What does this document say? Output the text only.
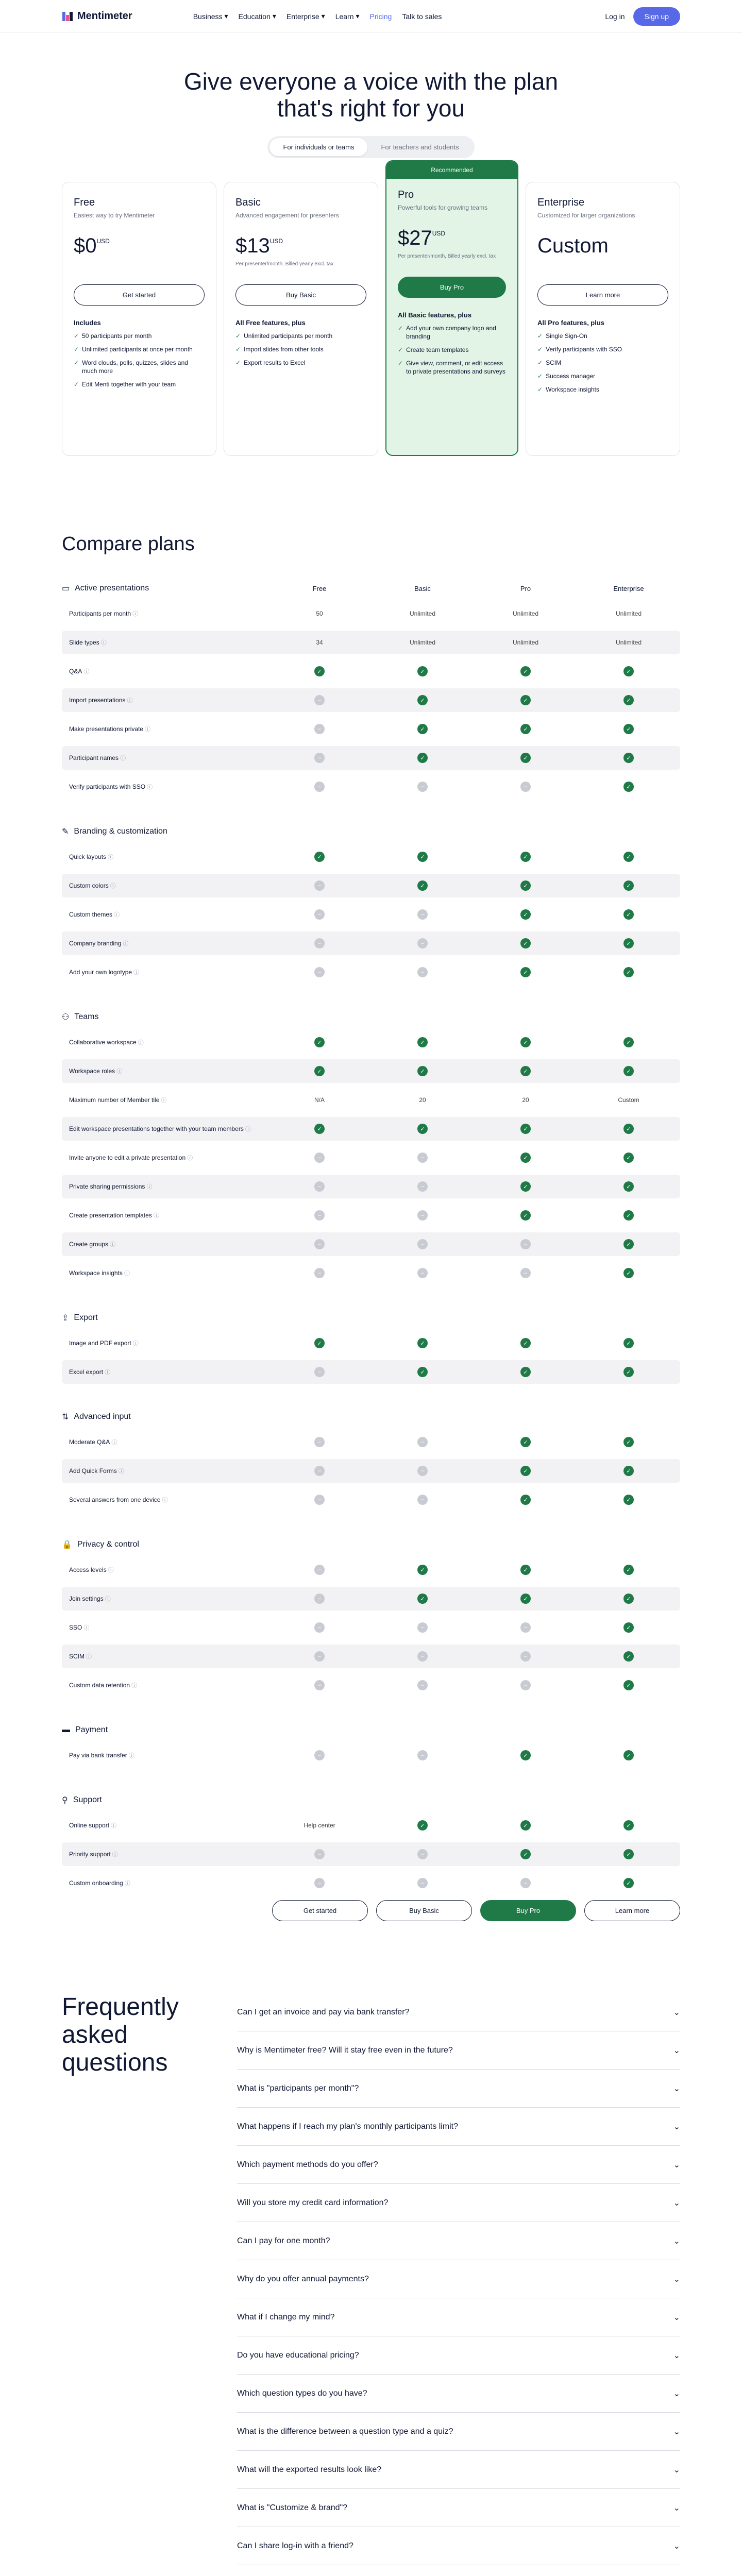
Mentimeter	Business ▾ Education ▾ Enterprise ▾ Learn ▾ Pricing Talk to sales	Log in	Sign up
Give everyone a voice with the plan that's right for you
For individuals or teams	For teachers and students
Free
Easiest way to try Mentimeter
$\$0^{USD}$
Get started
Includes
✓ 50 participants per month
✓ Unlimited participants at once per month
✓ Word clouds, polls, quizzes, slides and much more
✓ Edit Menti together with your team
Basic
Advanced engagement for presenters
$\$13^{USD}$
Per presenter/month, Billed yearly excl. tax
Buy Basic
All Free features, plus
✓ Unlimited participants per month
✓ Import slides from other tools
✓ Export results to Excel
Recommended
Pro
Powerful tools for growing teams
$\$27^{USD}$
Per presenter/month, Billed yearly excl. tax
Buy Pro
All Basic features, plus
✓ Add your own company logo and branding
✓ Create team templates
✓ Give view, comment, or edit access to private presentations and surveys
Enterprise
Customized for larger organizations
Custom
Learn more
All Pro features, plus
✓ Single Sign-On
✓ Verify participants with SSO
✓ SCIM
✓ Success manager
✓ Workspace insights
Compare plans
▭ Active presentations	Free	Basic	Pro	Enterprise
Participants per month ⓘ	50	Unlimited	Unlimited	Unlimited
Slide types ⓘ	34	Unlimited	Unlimited	Unlimited
Q&A ⓘ	✓	✓	✓	✓
Import presentations ⓘ	–	✓	✓	✓
Make presentations private ⓘ	–	✓	✓	✓
Participant names ⓘ	–	✓	✓	✓
Verify participants with SSO ⓘ	–	–	–	✓
✎ Branding & customization
Quick layouts ⓘ	✓	✓	✓	✓
Custom colors ⓘ	–	✓	✓	✓
Custom themes ⓘ	–	–	✓	✓
Company branding ⓘ	–	–	✓	✓
Add your own logotype ⓘ	–	–	✓	✓
⚇ Teams
Collaborative workspace ⓘ	✓	✓	✓	✓
Workspace roles ⓘ	✓	✓	✓	✓
Maximum number of Member tile ⓘ	N/A	20	20	Custom
Edit workspace presentations together with your team members ⓘ	✓	✓	✓	✓
Invite anyone to edit a private presentation ⓘ	–	–	✓	✓
Private sharing permissions ⓘ	–	–	✓	✓
Create presentation templates ⓘ	–	–	✓	✓
Create groups ⓘ	–	–	–	✓
Workspace insights ⓘ	–	–	–	✓
⇪ Export
Image and PDF export ⓘ	✓	✓	✓	✓
Excel export ⓘ	–	✓	✓	✓
⇅ Advanced input
Moderate Q&A ⓘ	–	–	✓	✓
Add Quick Forms ⓘ	–	–	✓	✓
Several answers from one device ⓘ	–	–	✓	✓
🔒 Privacy & control
Access levels ⓘ	–	✓	✓	✓
Join settings ⓘ	–	✓	✓	✓
SSO ⓘ	–	–	–	✓
SCIM ⓘ	–	–	–	✓
Custom data retention ⓘ	–	–	–	✓
▬ Payment
Pay via bank transfer ⓘ	–	–	✓	✓
⚲ Support
Online support ⓘ	Help center	✓	✓	✓
Priority support ⓘ	–	–	✓	✓
Custom onboarding ⓘ	–	–	–	✓
Get started	Buy Basic	Buy Pro	Learn more
Frequently asked questions
Can I get an invoice and pay via bank transfer?	⌄
Why is Mentimeter free? Will it stay free even in the future?	⌄
What is "participants per month"?	⌄
What happens if I reach my plan's monthly participants limit?	⌄
Which payment methods do you offer?	⌄
Will you store my credit card information?	⌄
Can I pay for one month?	⌄
Why do you offer annual payments?	⌄
What if I change my mind?	⌄
Do you have educational pricing?	⌄
Which question types do you have?	⌄
What is the difference between a question type and a quiz?	⌄
What will the exported results look like?	⌄
What is "Customize & brand"?	⌄
Can I share log-in with a friend?	⌄
